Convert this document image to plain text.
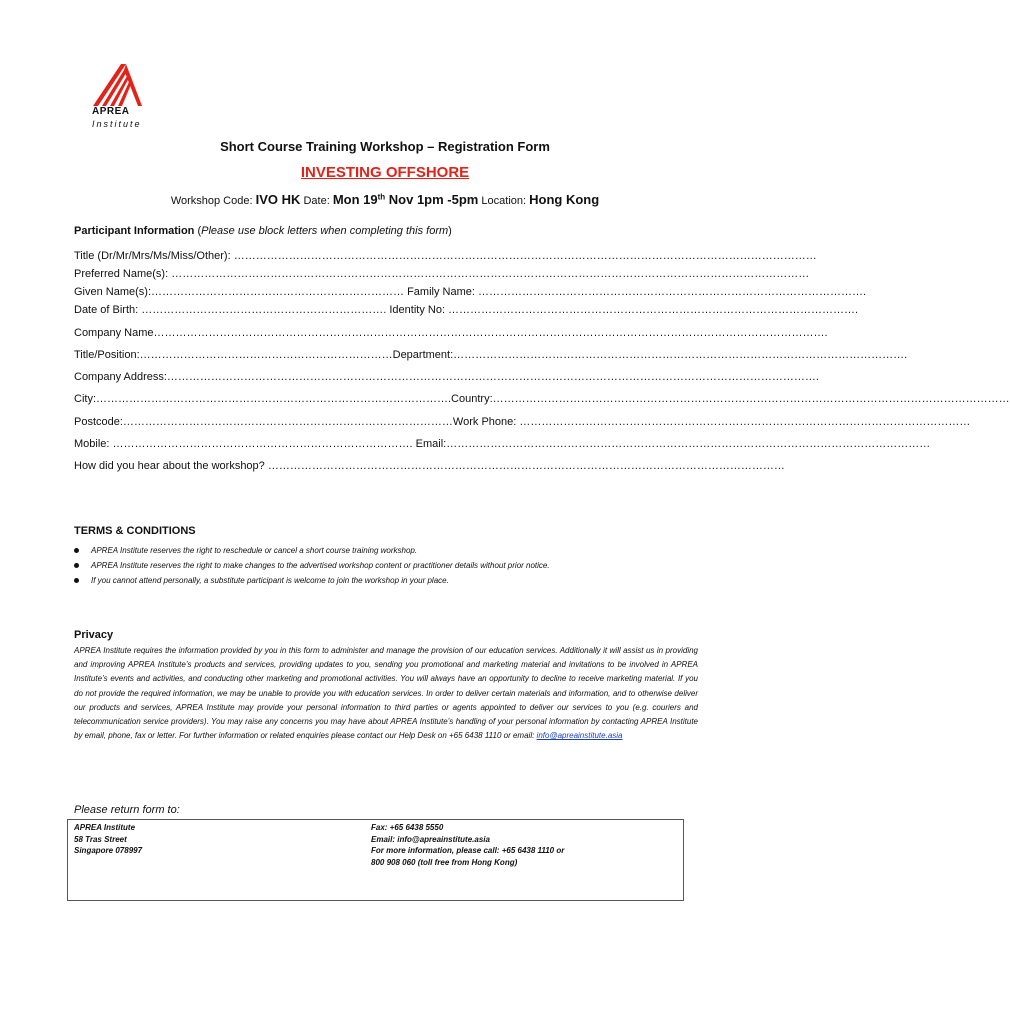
APREA
Institute
Short Course Training Workshop – Registration Form
INVESTING OFFSHORE
Workshop Code: IVO HK Date: Mon 19th Nov 1pm -5pm Location: Hong Kong
Participant Information (Please use block letters when completing this form)
Title (Dr/Mr/Mrs/Ms/Miss/Other): ……………………………………………………………………………………………………………………………………………
Preferred Name(s): …………………………………………………………………………………………………………………………………………………………
Given Name(s):…………………………………………………………… Family Name: …………………………………………………………………………………………….
Date of Birth: …………………………………………………………. Identity No: ………………………………………………………………………………………………….
Company Name………………………………………………………………………………………………………………………………………………………………….
Title/Position:……………………………………………………………Department:…………………………………………………………………………………………………………….
Company Address:…………………………………………………………………………………………………………………………………………………………….
City:…………………………………………………………………………………….Country:……………………………………………………………………………………………………………………………
Postcode:………………………………………………………………………………Work Phone: ……………………………………………………………………………………………………………
Mobile: ………………………………………………………………………. Email:……………………………………………………………………………………………………………………
How did you hear about the workshop? ……………………………………………………………………………………………………………………………
TERMS & CONDITIONS
APREA Institute reserves the right to reschedule or cancel a short course training workshop.
APREA Institute reserves the right to make changes to the advertised workshop content or practitioner details without prior notice.
If you cannot attend personally, a substitute participant is welcome to join the workshop in your place.
Privacy
APREA Institute requires the information provided by you in this form to administer and manage the provision of our education services. Additionally it will assist us in providing and improving APREA Institute’s products and services, providing updates to you, sending you promotional and marketing material and invitations to be involved in APREA Institute’s events and activities, and conducting other marketing and promotional activities. You will always have an opportunity to decline to receive marketing material. If you do not provide the required information, we may be unable to provide you with education services. In order to deliver certain materials and information, and to otherwise deliver our products and services, APREA Institute may provide your personal information to third parties or agents appointed to deliver our services to you (e.g. couriers and telecommunication service providers). You may raise any concerns you may have about APREA Institute’s handling of your personal information by contacting APREA Institute by email, phone, fax or letter. For further information or related enquiries please contact our Help Desk on +65 6438 1110 or email: info@apreainstitute.asia
Please return form to:
APREA Institute
58 Tras Street
Singapore 078997
Fax: +65 6438 5550
Email: info@apreainstitute.asia
For more information, please call: +65 6438 1110 or
800 908 060 (toll free from Hong Kong)
